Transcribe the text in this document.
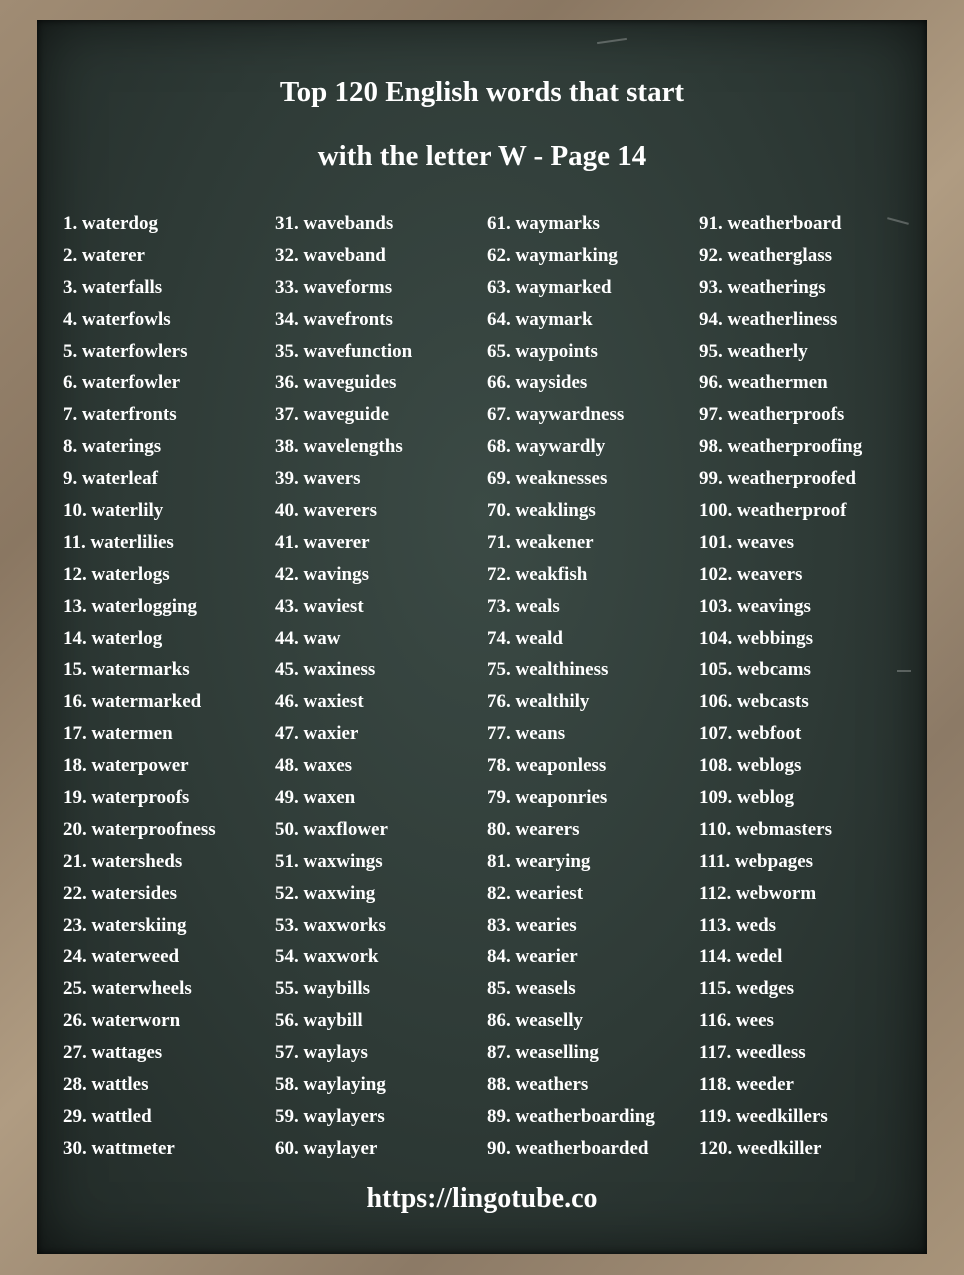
Top 120 English words that start
with the letter W - Page 14
1. waterdog
2. waterer
3. waterfalls
4. waterfowls
5. waterfowlers
6. waterfowler
7. waterfronts
8. waterings
9. waterleaf
10. waterlily
11. waterlilies
12. waterlogs
13. waterlogging
14. waterlog
15. watermarks
16. watermarked
17. watermen
18. waterpower
19. waterproofs
20. waterproofness
21. watersheds
22. watersides
23. waterskiing
24. waterweed
25. waterwheels
26. waterworn
27. wattages
28. wattles
29. wattled
30. wattmeter
31. wavebands
32. waveband
33. waveforms
34. wavefronts
35. wavefunction
36. waveguides
37. waveguide
38. wavelengths
39. wavers
40. waverers
41. waverer
42. wavings
43. waviest
44. waw
45. waxiness
46. waxiest
47. waxier
48. waxes
49. waxen
50. waxflower
51. waxwings
52. waxwing
53. waxworks
54. waxwork
55. waybills
56. waybill
57. waylays
58. waylaying
59. waylayers
60. waylayer
61. waymarks
62. waymarking
63. waymarked
64. waymark
65. waypoints
66. waysides
67. waywardness
68. waywardly
69. weaknesses
70. weaklings
71. weakener
72. weakfish
73. weals
74. weald
75. wealthiness
76. wealthily
77. weans
78. weaponless
79. weaponries
80. wearers
81. wearying
82. weariest
83. wearies
84. wearier
85. weasels
86. weaselly
87. weaselling
88. weathers
89. weatherboarding
90. weatherboarded
91. weatherboard
92. weatherglass
93. weatherings
94. weatherliness
95. weatherly
96. weathermen
97. weatherproofs
98. weatherproofing
99. weatherproofed
100. weatherproof
101. weaves
102. weavers
103. weavings
104. webbings
105. webcams
106. webcasts
107. webfoot
108. weblogs
109. weblog
110. webmasters
111. webpages
112. webworm
113. weds
114. wedel
115. wedges
116. wees
117. weedless
118. weeder
119. weedkillers
120. weedkiller
https://lingotube.co
